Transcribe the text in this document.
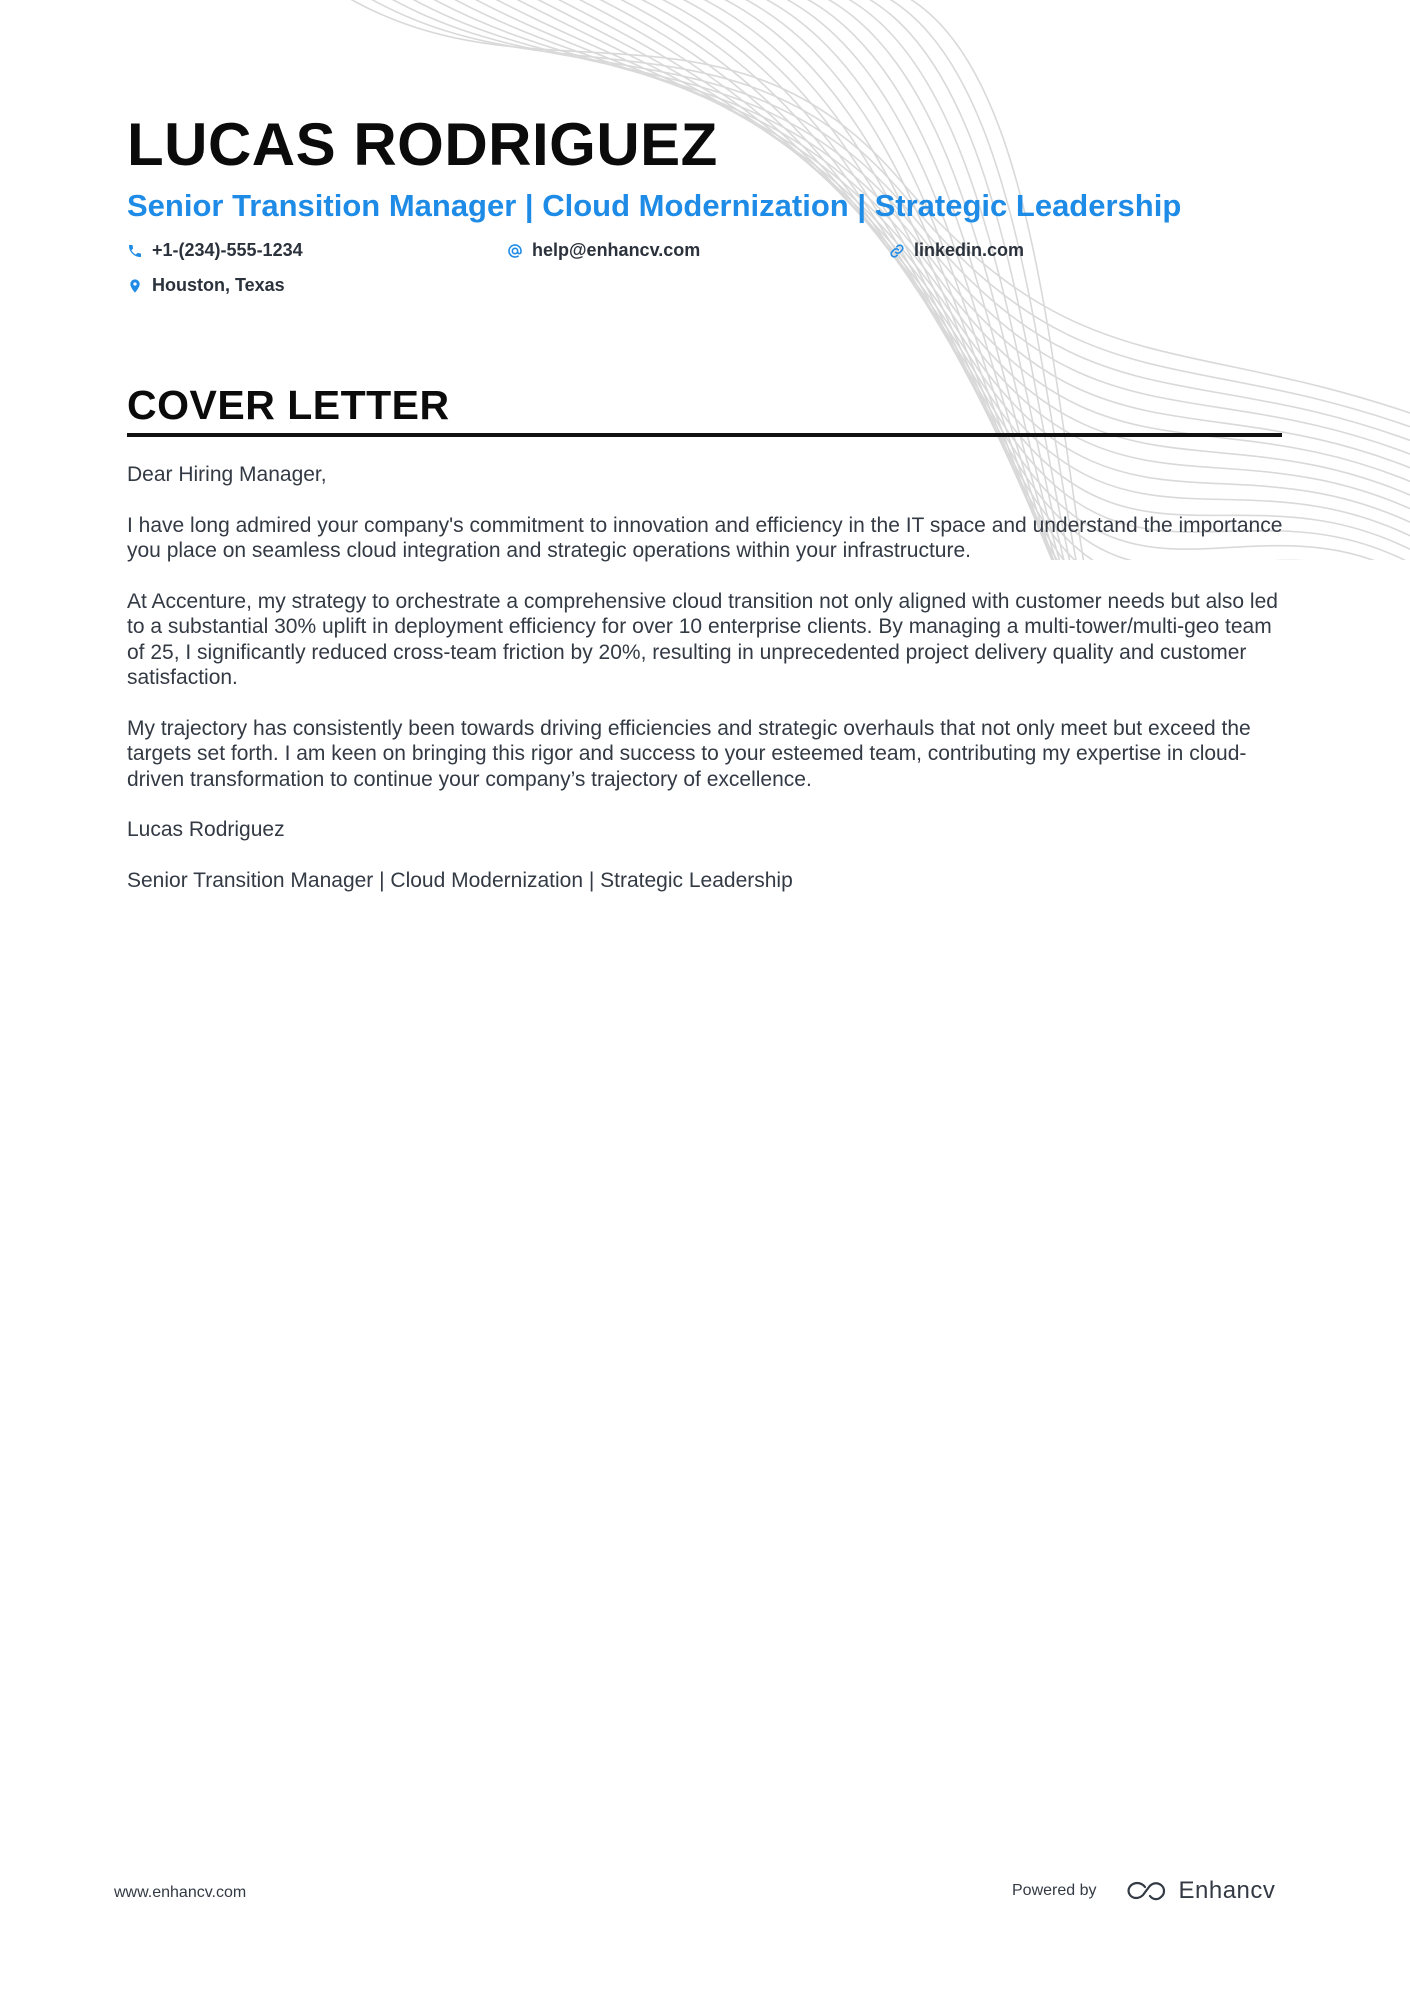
LUCAS RODRIGUEZ
Senior Transition Manager | Cloud Modernization | Strategic Leadership
+1-(234)-555-1234	help@enhancv.com	linkedin.com
Houston, Texas
COVER LETTER

Dear Hiring Manager,

I have long admired your company's commitment to innovation and efficiency in the IT space and understand the importance you place on seamless cloud integration and strategic operations within your infrastructure.

At Accenture, my strategy to orchestrate a comprehensive cloud transition not only aligned with customer needs but also led to a substantial 30% uplift in deployment efficiency for over 10 enterprise clients. By managing a multi-tower/multi-geo team of 25, I significantly reduced cross-team friction by 20%, resulting in unprecedented project delivery quality and customer satisfaction.

My trajectory has consistently been towards driving efficiencies and strategic overhauls that not only meet but exceed the targets set forth. I am keen on bringing this rigor and success to your esteemed team, contributing my expertise in cloud-driven transformation to continue your company’s trajectory of excellence.

Lucas Rodriguez

Senior Transition Manager | Cloud Modernization | Strategic Leadership

www.enhancv.com	Powered by	Enhancv
